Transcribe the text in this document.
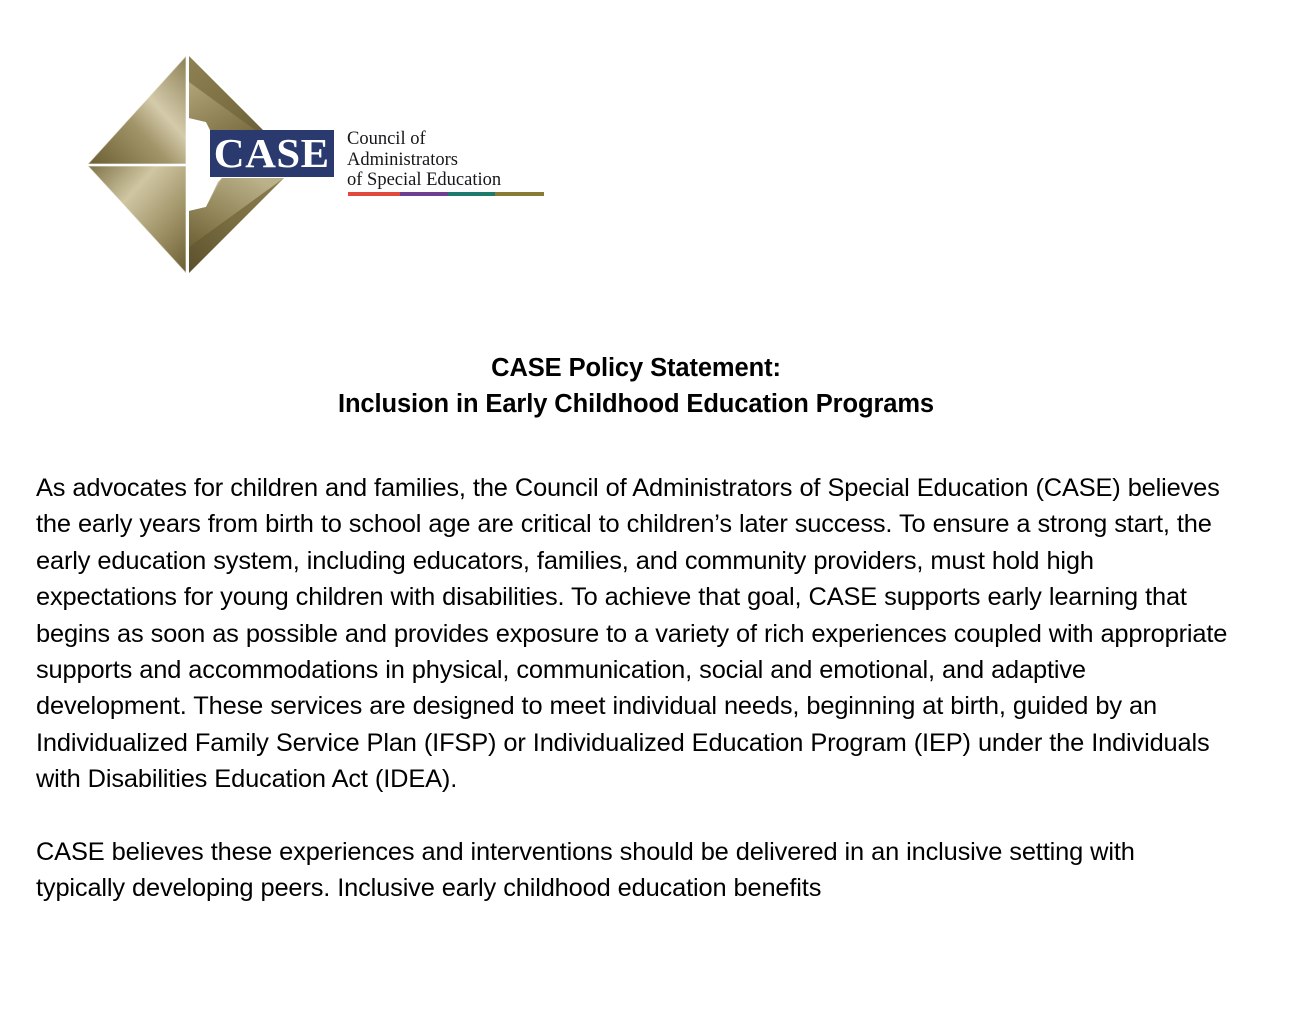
CASE Council of
Administrators
of Special Education
CASE Policy Statement:
Inclusion in Early Childhood Education Programs

As advocates for children and families, the Council of Administrators of Special Education (CASE) believes the early years from birth to school age are critical to children’s later success. To ensure a strong start, the early education system, including educators, families, and community providers, must hold high expectations for young children with disabilities. To achieve that goal, CASE supports early learning that begins as soon as possible and provides exposure to a variety of rich experiences coupled with appropriate supports and accommodations in physical, communication, social and emotional, and adaptive development. These services are designed to meet individual needs, beginning at birth, guided by an Individualized Family Service Plan (IFSP) or Individualized Education Program (IEP) under the Individuals with Disabilities Education Act (IDEA).

CASE believes these experiences and interventions should be delivered in an inclusive setting with typically developing peers. Inclusive early childhood education benefits
